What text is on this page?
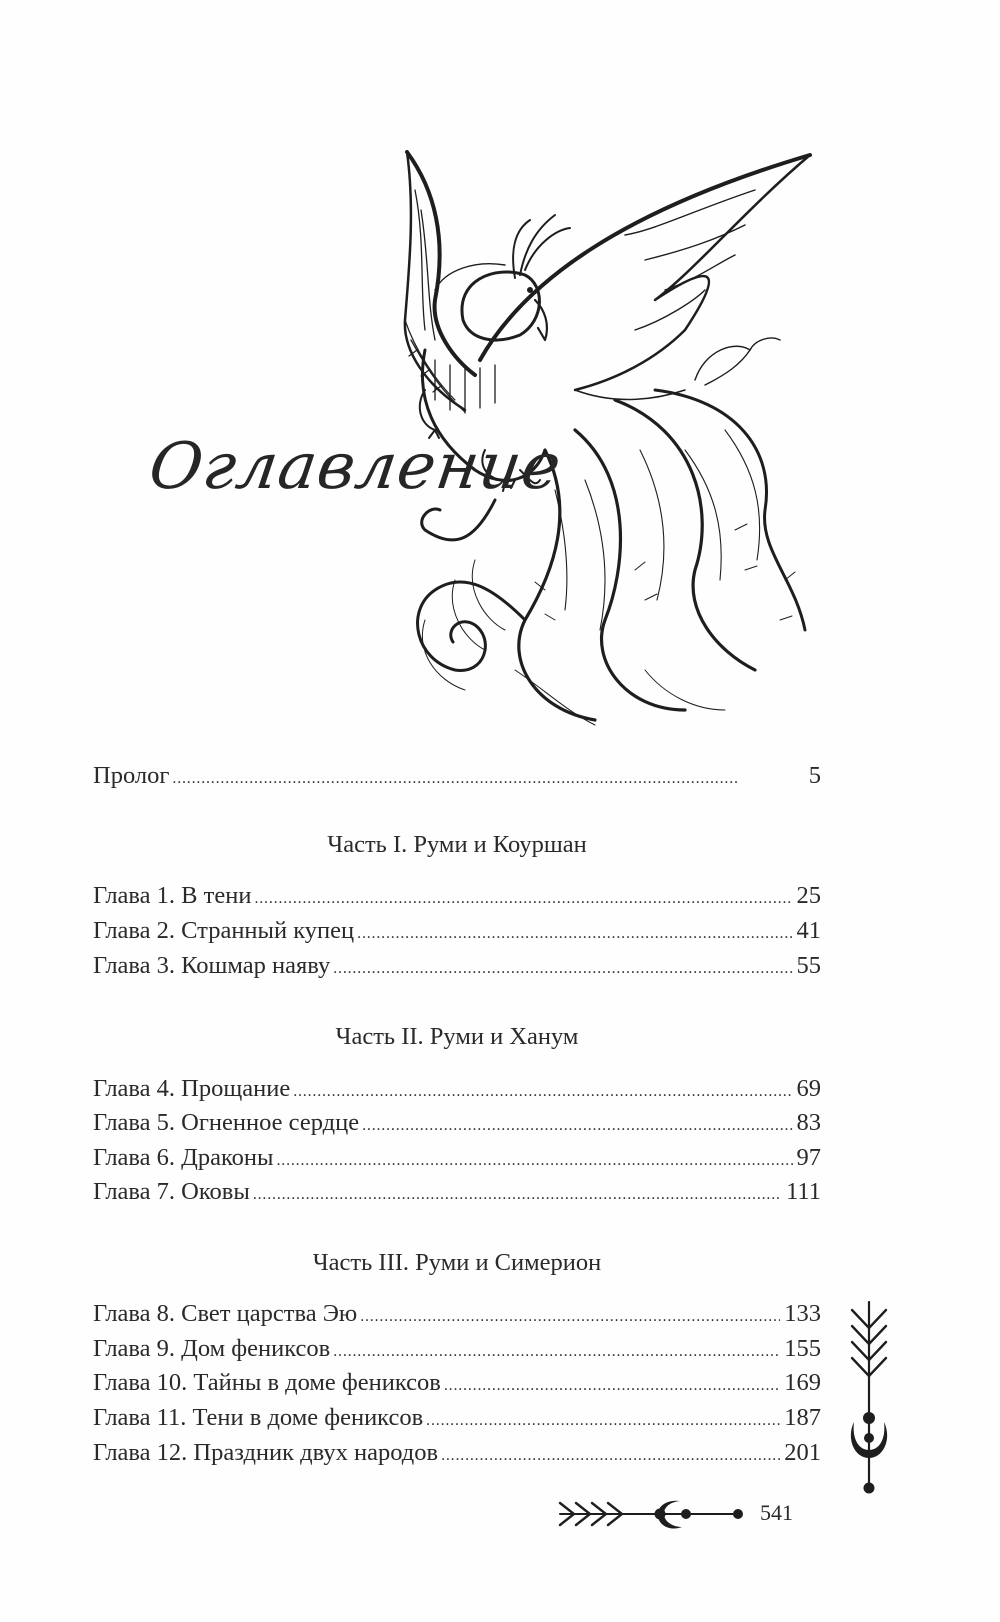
Оглавление
Пролог . . .	5
Часть I. Руми и Коуршан
Глава 1. В тени . . .	25
Глава 2. Странный купец . . .	41
Глава 3. Кошмар наяву . . .	55
Часть II. Руми и Ханум
Глава 4. Прощание . . .	69
Глава 5. Огненное сердце . . .	83
Глава 6. Драконы . . .	97
Глава 7. Оковы . . .	111
Часть III. Руми и Симерион
Глава 8. Свет царства Эю . . .	133
Глава 9. Дом фениксов . . .	155
Глава 10. Тайны в доме фениксов . . .	169
Глава 11. Тени в доме фениксов . . .	187
Глава 12. Праздник двух народов . . .	201
541
